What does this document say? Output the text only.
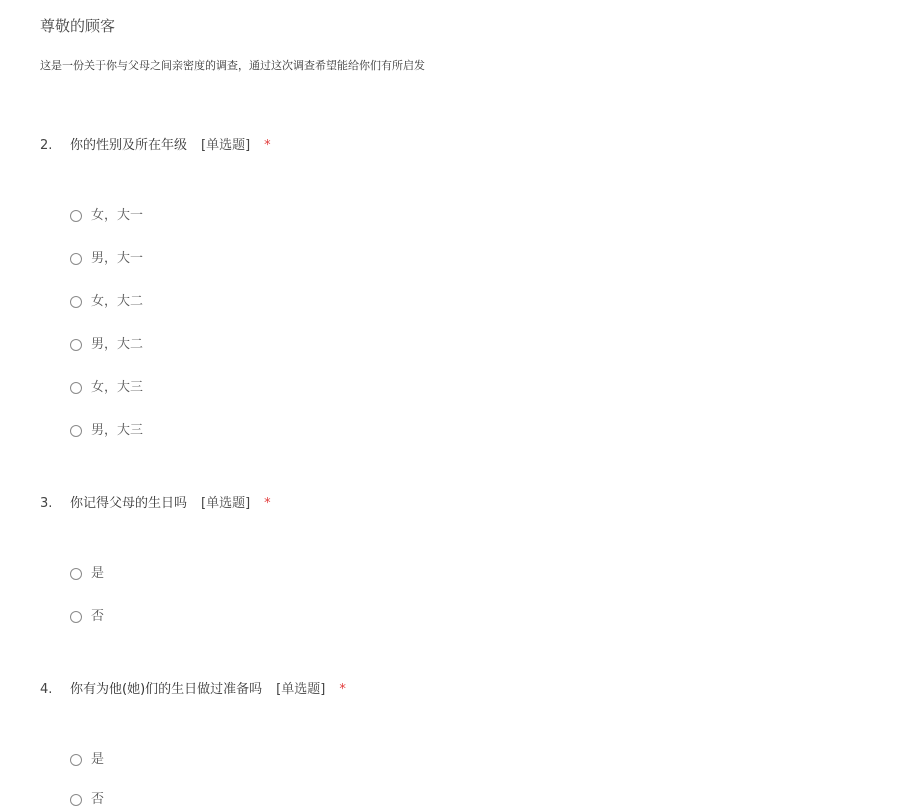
尊敬的顾客
这是一份关于你与父母之间亲密度的调查，通过这次调查希望能给你们有所启发
2. 你的性别及所在年级 [单选题] *
女，大一
男，大一
女，大二
男，大二
女，大三
男，大三
3. 你记得父母的生日吗 [单选题] *
是
否
4. 你有为他(她)们的生日做过准备吗 [单选题] *
是
否
